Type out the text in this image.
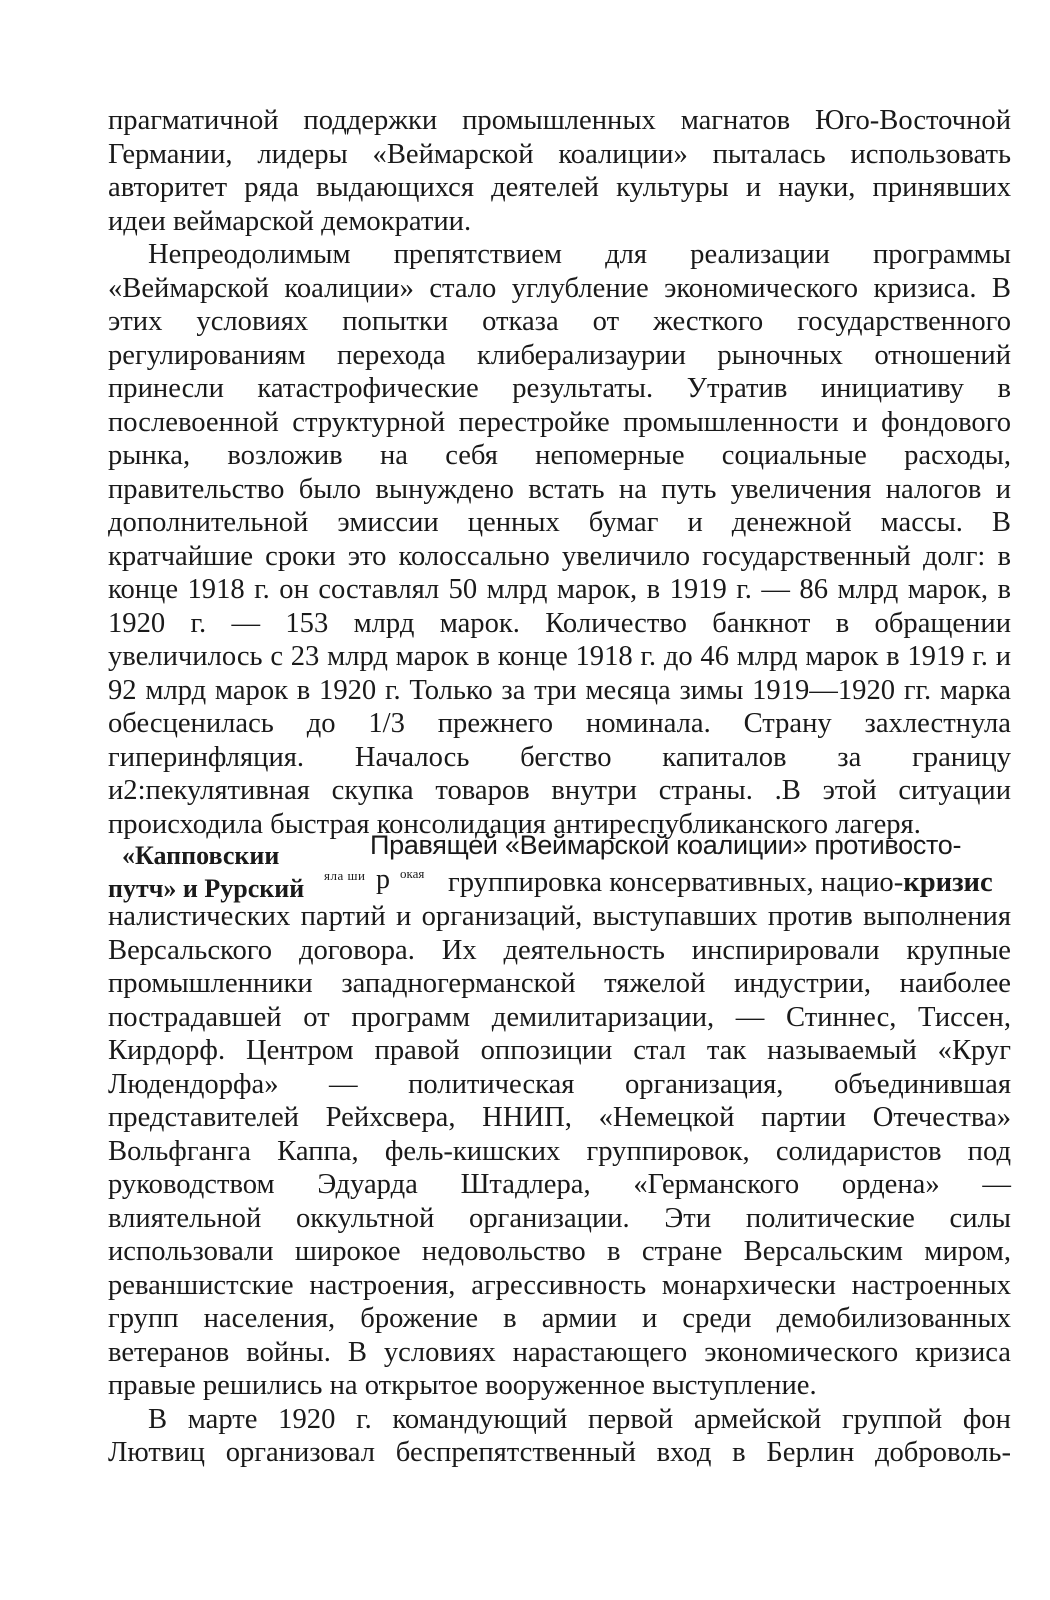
прагматичной поддержки промышленных магнатов Юго-Восточной
Германии, лидеры «Веймарской коалиции» пыталась использовать
авторитет ряда выдающихся деятелей культуры и науки, принявших
идеи веймарской демократии.

Непреодолимым препятствием для реализации программы
«Веймарской коалиции» стало углубление экономического кризиса. В
этих условиях попытки отказа от жесткого государственного
регулированиям перехода клиберализаурии рыночных отношений
принесли катастрофические результаты. Утратив инициативу в
послевоенной структурной перестройке промышленности и фондового
рынка, возложив на себя непомерные социальные расходы,
правительство было вынуждено встать на путь увеличения налогов и
дополнительной эмиссии ценных бумаг и денежной массы. В
кратчайшие сроки это колоссально увеличило государственный долг: в
конце 1918 г. он составлял 50 млрд марок, в 1919 г. — 86 млрд марок, в
1920 г. — 153 млрд марок. Количество банкнот в обращении
увеличилось с 23 млрд марок в конце 1918 г. до 46 млрд марок в 1919 г. и
92 млрд марок в 1920 г. Только за три месяца зимы 1919—1920 гг. марка
обесценилась до 1/3 прежнего номинала. Страну захлестнула
гиперинфляция. Началось бегство капиталов за границу
и2:пекулятивная скупка товаров внутри страны. .В этой ситуации
происходила быстрая консолидация антиреспубликанского лагеря.

«Капповскии
путч» и Рурский
Правящей «Веймарской коалиции» противосто-
яла ши р окая группировка консервативных, нацио-кризис

налистических партий и организаций, выступавших против выполнения
Версальского договора. Их деятельность инспирировали крупные
промышленники западногерманской тяжелой индустрии, наиболее
пострадавшей от программ демилитаризации, — Стиннес, Тиссен,
Кирдорф. Центром правой оппозиции стал так называемый «Круг
Людендорфа» — политическая организация, объединившая
представителей Рейхсвера, ННИП, «Немецкой партии Отечества»
Вольфганга Каппа, фель-кишских группировок, солидаристов под
руководством Эдуарда Штадлера, «Германского ордена» —
влиятельной оккультной организации. Эти политические силы
использовали широкое недовольство в стране Версальским миром,
реваншистские настроения, агрессивность монархически настроенных
групп населения, брожение в армии и среди демобилизованных
ветеранов войны. В условиях нарастающего экономического кризиса
правые решились на открытое вооруженное выступление.

В марте 1920 г. командующий первой армейской группой фон
Лютвиц организовал беспрепятственный вход в Берлин доброволь-
